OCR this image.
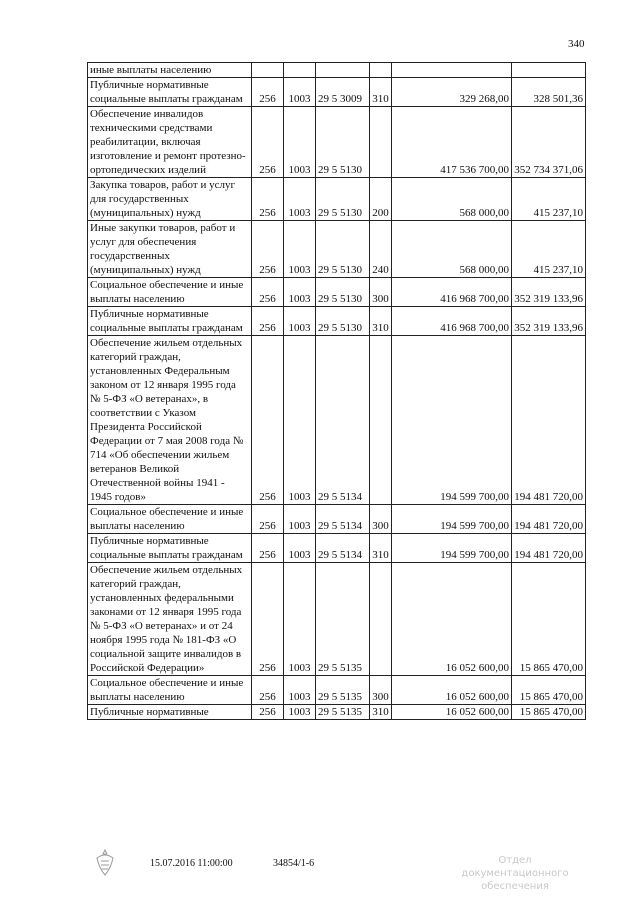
340
иные выплаты населению						
Публичные нормативные социальные выплаты гражданам	256	1003	29 5 3009	310	329 268,00	328 501,36
Обеспечение инвалидов техническими средствами реабилитации, включая изготовление и ремонт протезно-ортопедических изделий	256	1003	29 5 5130		417 536 700,00	352 734 371,06
Закупка товаров, работ и услуг для государственных (муниципальных) нужд	256	1003	29 5 5130	200	568 000,00	415 237,10
Иные закупки товаров, работ и услуг для обеспечения государственных (муниципальных) нужд	256	1003	29 5 5130	240	568 000,00	415 237,10
Социальное обеспечение и иные выплаты населению	256	1003	29 5 5130	300	416 968 700,00	352 319 133,96
Публичные нормативные социальные выплаты гражданам	256	1003	29 5 5130	310	416 968 700,00	352 319 133,96
Обеспечение жильем отдельных категорий граждан, установленных Федеральным законом от 12 января 1995 года № 5-ФЗ «О ветеранах», в соответствии с Указом Президента Российской Федерации от 7 мая 2008 года № 714 «Об обеспечении жильем ветеранов Великой Отечественной войны 1941 - 1945 годов»	256	1003	29 5 5134		194 599 700,00	194 481 720,00
Социальное обеспечение и иные выплаты населению	256	1003	29 5 5134	300	194 599 700,00	194 481 720,00
Публичные нормативные социальные выплаты гражданам	256	1003	29 5 5134	310	194 599 700,00	194 481 720,00
Обеспечение жильем отдельных категорий граждан, установленных федеральными законами от 12 января 1995 года № 5-ФЗ «О ветеранах» и от 24 ноября 1995 года № 181-ФЗ «О социальной защите инвалидов в Российской Федерации»	256	1003	29 5 5135		16 052 600,00	15 865 470,00
Социальное обеспечение и иные выплаты населению	256	1003	29 5 5135	300	16 052 600,00	15 865 470,00
Публичные нормативные	256	1003	29 5 5135	310	16 052 600,00	15 865 470,00
15.07.2016 11:00:00	34854/1-6	Отдел документационного
обеспечения
